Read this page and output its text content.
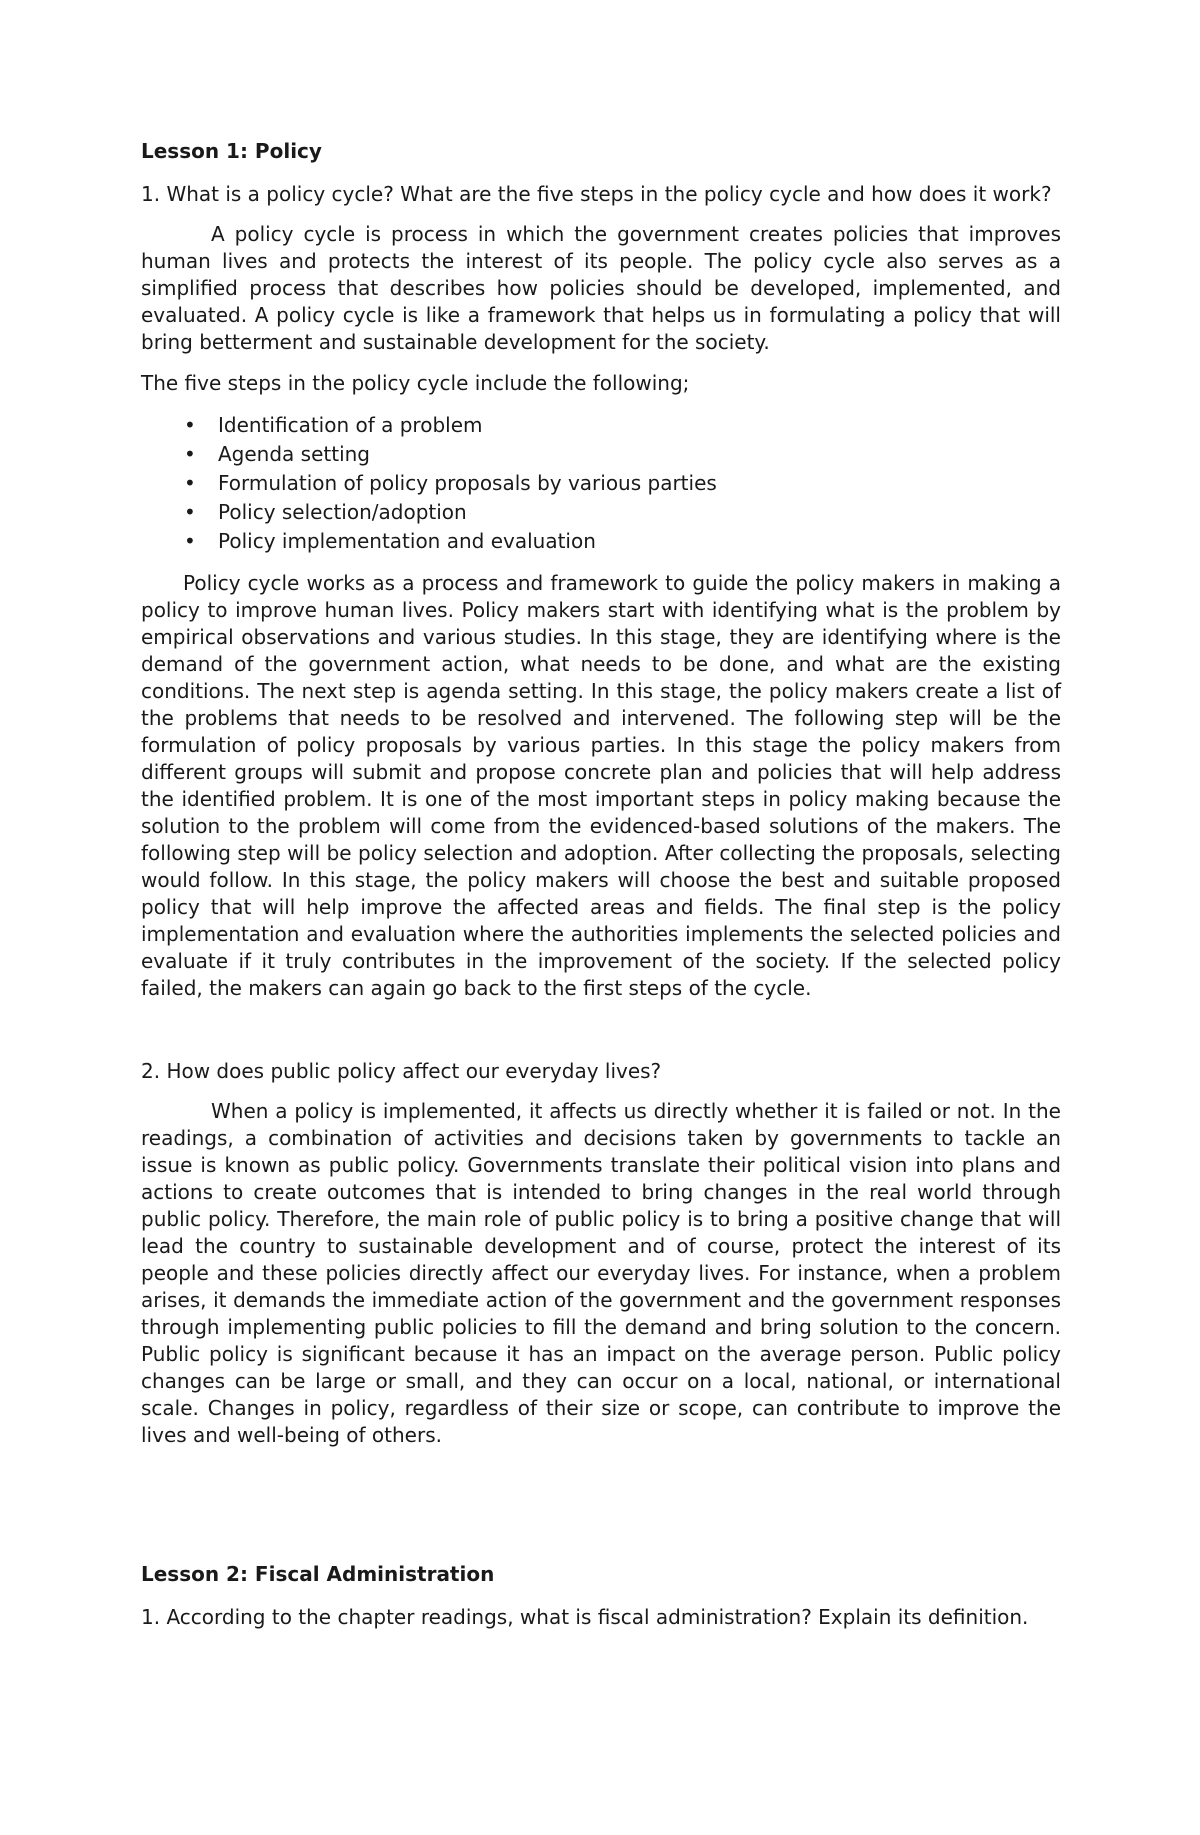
Lesson 1: Policy
1. What is a policy cycle? What are the five steps in the policy cycle and how does it work?
A policy cycle is process in which the government creates policies that improves human lives and protects the interest of its people. The policy cycle also serves as a simplified process that describes how policies should be developed, implemented, and evaluated. A policy cycle is like a framework that helps us in formulating a policy that will bring betterment and sustainable development for the society.
The five steps in the policy cycle include the following;
• Identification of a problem
• Agenda setting
• Formulation of policy proposals by various parties
• Policy selection/adoption
• Policy implementation and evaluation
Policy cycle works as a process and framework to guide the policy makers in making a policy to improve human lives. Policy makers start with identifying what is the problem by empirical observations and various studies. In this stage, they are identifying where is the demand of the government action, what needs to be done, and what are the existing conditions. The next step is agenda setting. In this stage, the policy makers create a list of the problems that needs to be resolved and intervened. The following step will be the formulation of policy proposals by various parties. In this stage the policy makers from different groups will submit and propose concrete plan and policies that will help address the identified problem. It is one of the most important steps in policy making because the solution to the problem will come from the evidenced-based solutions of the makers. The following step will be policy selection and adoption. After collecting the proposals, selecting would follow. In this stage, the policy makers will choose the best and suitable proposed policy that will help improve the affected areas and fields. The final step is the policy implementation and evaluation where the authorities implements the selected policies and evaluate if it truly contributes in the improvement of the society. If the selected policy failed, the makers can again go back to the first steps of the cycle.
2. How does public policy affect our everyday lives?
When a policy is implemented, it affects us directly whether it is failed or not. In the readings, a combination of activities and decisions taken by governments to tackle an issue is known as public policy. Governments translate their political vision into plans and actions to create outcomes that is intended to bring changes in the real world through public policy. Therefore, the main role of public policy is to bring a positive change that will lead the country to sustainable development and of course, protect the interest of its people and these policies directly affect our everyday lives. For instance, when a problem arises, it demands the immediate action of the government and the government responses through implementing public policies to fill the demand and bring solution to the concern. Public policy is significant because it has an impact on the average person. Public policy changes can be large or small, and they can occur on a local, national, or international scale. Changes in policy, regardless of their size or scope, can contribute to improve the lives and well-being of others.
Lesson 2: Fiscal Administration
1. According to the chapter readings, what is fiscal administration? Explain its definition.
